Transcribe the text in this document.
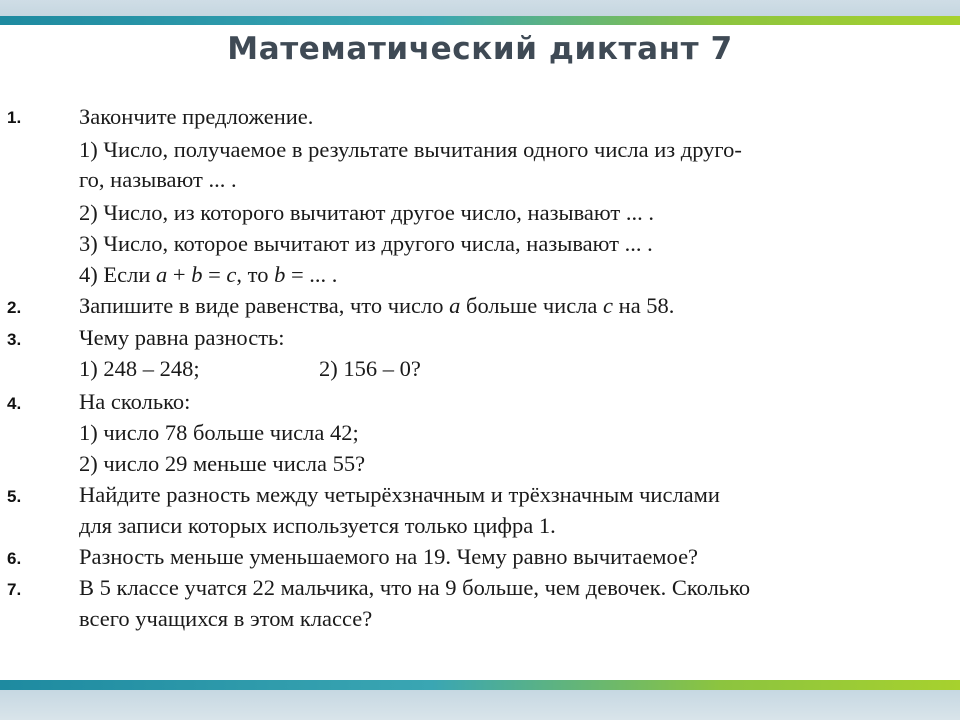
Математический диктант 7
1.	Закончите предложение.
1) Число, получаемое в результате вычитания одного числа из друго-
го, называют ... .
2) Число, из которого вычитают другое число, называют ... .
3) Число, которое вычитают из другого числа, называют ... .
4) Если a + b = c, то b = ... .
2.	Запишите в виде равенства, что число a больше числа c на 58.
3.	Чему равна разность:
1) 248 – 248;	2) 156 – 0?
4.	На сколько:
1) число 78 больше числа 42;
2) число 29 меньше числа 55?
5.	Найдите разность между четырёхзначным и трёхзначным числами
для записи которых используется только цифра 1.
6.	Разность меньше уменьшаемого на 19. Чему равно вычитаемое?
7.	В 5 классе учатся 22 мальчика, что на 9 больше, чем девочек. Сколько
всего учащихся в этом классе?
